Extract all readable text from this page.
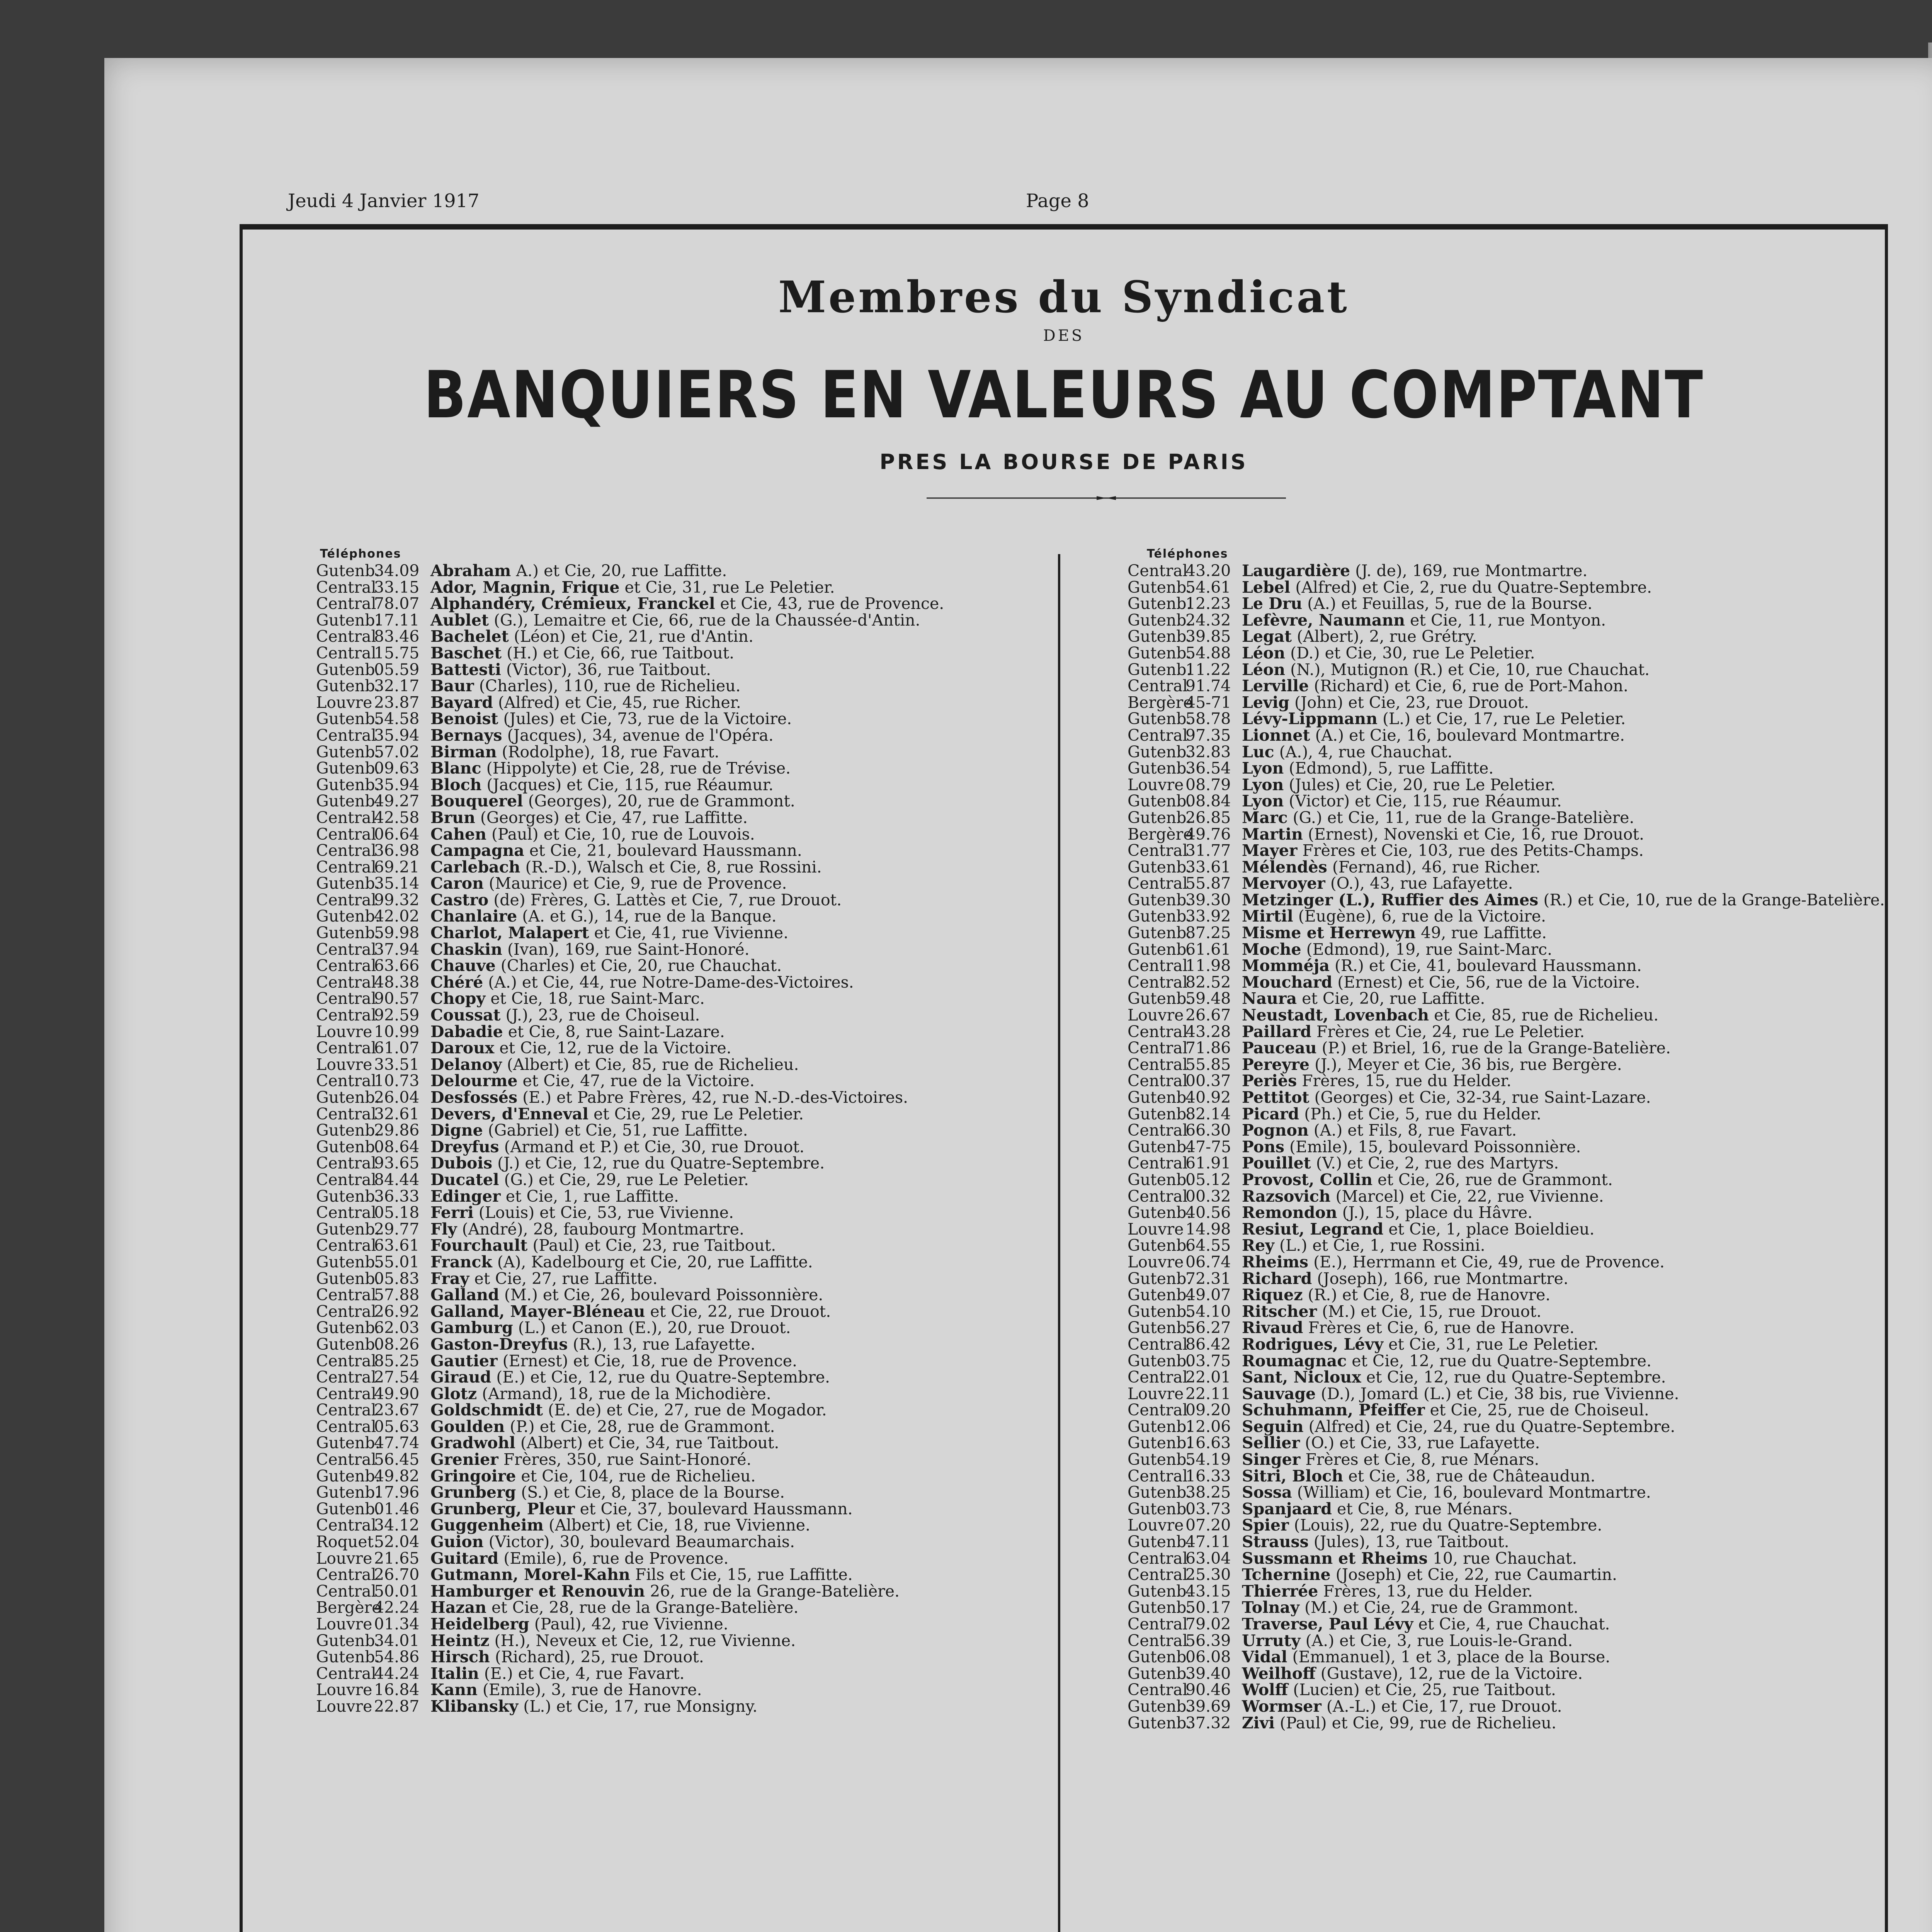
Jeudi 4 Janvier 1917	Page 8
Membres du Syndicat
DES
BANQUIERS EN VALEURS AU COMPTANT
PRES LA BOURSE DE PARIS
Téléphones	Téléphones
Gutenb.34.09 Abraham A.) et Cie, 20, rue Laffitte.
Central33.15 Ador, Magnin, Frique et Cie, 31, rue Le Peletier.
Central78.07 Alphandéry, Crémieux, Franckel et Cie, 43, rue de Provence.
Gutenb.17.11 Aublet (G.), Lemaitre et Cie, 66, rue de la Chaussée-d'Antin.
Central83.46 Bachelet (Léon) et Cie, 21, rue d'Antin.
Central15.75 Baschet (H.) et Cie, 66, rue Taitbout.
Gutenb.05.59 Battesti (Victor), 36, rue Taitbout.
Gutenb.32.17 Baur (Charles), 110, rue de Richelieu.
Louvre 23.87 Bayard (Alfred) et Cie, 45, rue Richer.
Gutenb.54.58 Benoist (Jules) et Cie, 73, rue de la Victoire.
Central35.94 Bernays (Jacques), 34, avenue de l'Opéra.
Gutenb.57.02 Birman (Rodolphe), 18, rue Favart.
Gutenb.09.63 Blanc (Hippolyte) et Cie, 28, rue de Trévise.
Gutenb.35.94 Bloch (Jacques) et Cie, 115, rue Réaumur.
Gutenb.49.27 Bouquerel (Georges), 20, rue de Grammont.
Central42.58 Brun (Georges) et Cie, 47, rue Laffitte.
Central06.64 Cahen (Paul) et Cie, 10, rue de Louvois.
Central36.98 Campagna et Cie, 21, boulevard Haussmann.
Central69.21 Carlebach (R.-D.), Walsch et Cie, 8, rue Rossini.
Gutenb.35.14 Caron (Maurice) et Cie, 9, rue de Provence.
Central99.32 Castro (de) Frères, G. Lattès et Cie, 7, rue Drouot.
Gutenb.42.02 Chanlaire (A. et G.), 14, rue de la Banque.
Gutenb.59.98 Charlot, Malapert et Cie, 41, rue Vivienne.
Central37.94 Chaskin (Ivan), 169, rue Saint-Honoré.
Central63.66 Chauve (Charles) et Cie, 20, rue Chauchat.
Central48.38 Chéré (A.) et Cie, 44, rue Notre-Dame-des-Victoires.
Central90.57 Chopy et Cie, 18, rue Saint-Marc.
Central92.59 Coussat (J.), 23, rue de Choiseul.
Louvre 10.99 Dabadie et Cie, 8, rue Saint-Lazare.
Central61.07 Daroux et Cie, 12, rue de la Victoire.
Louvre 33.51 Delanoy (Albert) et Cie, 85, rue de Richelieu.
Central10.73 Delourme et Cie, 47, rue de la Victoire.
Gutenb.26.04 Desfossés (E.) et Pabre Frères, 42, rue N.-D.-des-Victoires.
Central32.61 Devers, d'Enneval et Cie, 29, rue Le Peletier.
Gutenb.29.86 Digne (Gabriel) et Cie, 51, rue Laffitte.
Gutenb.08.64 Dreyfus (Armand et P.) et Cie, 30, rue Drouot.
Central93.65 Dubois (J.) et Cie, 12, rue du Quatre-Septembre.
Central84.44 Ducatel (G.) et Cie, 29, rue Le Peletier.
Gutenb.36.33 Edinger et Cie, 1, rue Laffitte.
Central05.18 Ferri (Louis) et Cie, 53, rue Vivienne.
Gutenb.29.77 Fly (André), 28, faubourg Montmartre.
Central63.61 Fourchault (Paul) et Cie, 23, rue Taitbout.
Gutenb.55.01 Franck (A), Kadelbourg et Cie, 20, rue Laffitte.
Gutenb.05.83 Fray et Cie, 27, rue Laffitte.
Central57.88 Galland (M.) et Cie, 26, boulevard Poissonnière.
Central26.92 Galland, Mayer-Bléneau et Cie, 22, rue Drouot.
Gutenb.62.03 Gamburg (L.) et Canon (E.), 20, rue Drouot.
Gutenb.08.26 Gaston-Dreyfus (R.), 13, rue Lafayette.
Central85.25 Gautier (Ernest) et Cie, 18, rue de Provence.
Central27.54 Giraud (E.) et Cie, 12, rue du Quatre-Septembre.
Central49.90 Glotz (Armand), 18, rue de la Michodière.
Central23.67 Goldschmidt (E. de) et Cie, 27, rue de Mogador.
Central05.63 Goulden (P.) et Cie, 28, rue de Grammont.
Gutenb.47.74 Gradwohl (Albert) et Cie, 34, rue Taitbout.
Central56.45 Grenier Frères, 350, rue Saint-Honoré.
Gutenb.49.82 Gringoire et Cie, 104, rue de Richelieu.
Gutenb.17.96 Grunberg (S.) et Cie, 8, place de la Bourse.
Gutenb.01.46 Grunberg, Pleur et Cie, 37, boulevard Haussmann.
Central34.12 Guggenheim (Albert) et Cie, 18, rue Vivienne.
Roquet.52.04 Guion (Victor), 30, boulevard Beaumarchais.
Louvre 21.65 Guitard (Emile), 6, rue de Provence.
Central26.70 Gutmann, Morel-Kahn Fils et Cie, 15, rue Laffitte.
Central50.01 Hamburger et Renouvin 26, rue de la Grange-Batelière.
Bergère42.24 Hazan et Cie, 28, rue de la Grange-Batelière.
Louvre 01.34 Heidelberg (Paul), 42, rue Vivienne.
Gutenb.34.01 Heintz (H.), Neveux et Cie, 12, rue Vivienne.
Gutenb.54.86 Hirsch (Richard), 25, rue Drouot.
Central44.24 Italin (E.) et Cie, 4, rue Favart.
Louvre 16.84 Kann (Emile), 3, rue de Hanovre.
Louvre 22.87 Klibansky (L.) et Cie, 17, rue Monsigny.
Central43.20 Laugardière (J. de), 169, rue Montmartre.
Gutenb.54.61 Lebel (Alfred) et Cie, 2, rue du Quatre-Septembre.
Gutenb.12.23 Le Dru (A.) et Feuillas, 5, rue de la Bourse.
Gutenb.24.32 Lefèvre, Naumann et Cie, 11, rue Montyon.
Gutenb.39.85 Legat (Albert), 2, rue Grétry.
Gutenb.54.88 Léon (D.) et Cie, 30, rue Le Peletier.
Gutenb.11.22 Léon (N.), Mutignon (R.) et Cie, 10, rue Chauchat.
Central91.74 Lerville (Richard) et Cie, 6, rue de Port-Mahon.
Bergère45-71 Levig (John) et Cie, 23, rue Drouot.
Gutenb.58.78 Lévy-Lippmann (L.) et Cie, 17, rue Le Peletier.
Central97.35 Lionnet (A.) et Cie, 16, boulevard Montmartre.
Gutenb.32.83 Luc (A.), 4, rue Chauchat.
Gutenb.36.54 Lyon (Edmond), 5, rue Laffitte.
Louvre 08.79 Lyon (Jules) et Cie, 20, rue Le Peletier.
Gutenb.08.84 Lyon (Victor) et Cie, 115, rue Réaumur.
Gutenb.26.85 Marc (G.) et Cie, 11, rue de la Grange-Batelière.
Bergère49.76 Martin (Ernest), Novenski et Cie, 16, rue Drouot.
Central31.77 Mayer Frères et Cie, 103, rue des Petits-Champs.
Gutenb.33.61 Mélendès (Fernand), 46, rue Richer.
Central55.87 Mervoyer (O.), 43, rue Lafayette.
Gutenb.39.30 Metzinger (L.), Ruffier des Aimes (R.) et Cie, 10, rue de la Grange-Batelière.
Gutenb.33.92 Mirtil (Eugène), 6, rue de la Victoire.
Gutenb.87.25 Misme et Herrewyn 49, rue Laffitte.
Gutenb.61.61 Moche (Edmond), 19, rue Saint-Marc.
Central11.98 Momméja (R.) et Cie, 41, boulevard Haussmann.
Central82.52 Mouchard (Ernest) et Cie, 56, rue de la Victoire.
Gutenb.59.48 Naura et Cie, 20, rue Laffitte.
Louvre 26.67 Neustadt, Lovenbach et Cie, 85, rue de Richelieu.
Central43.28 Paillard Frères et Cie, 24, rue Le Peletier.
Central71.86 Pauceau (P.) et Briel, 16, rue de la Grange-Batelière.
Central55.85 Pereyre (J.), Meyer et Cie, 36 bis, rue Bergère.
Central00.37 Periès Frères, 15, rue du Helder.
Gutenb.40.92 Pettitot (Georges) et Cie, 32-34, rue Saint-Lazare.
Gutenb.82.14 Picard (Ph.) et Cie, 5, rue du Helder.
Central66.30 Pognon (A.) et Fils, 8, rue Favart.
Gutenb.47-75 Pons (Emile), 15, boulevard Poissonnière.
Central61.91 Pouillet (V.) et Cie, 2, rue des Martyrs.
Gutenb.05.12 Provost, Collin et Cie, 26, rue de Grammont.
Central00.32 Razsovich (Marcel) et Cie, 22, rue Vivienne.
Gutenb.40.56 Remondon (J.), 15, place du Hâvre.
Louvre 14.98 Resiut, Legrand et Cie, 1, place Boieldieu.
Gutenb.64.55 Rey (L.) et Cie, 1, rue Rossini.
Louvre 06.74 Rheims (E.), Herrmann et Cie, 49, rue de Provence.
Gutenb.72.31 Richard (Joseph), 166, rue Montmartre.
Gutenb.49.07 Riquez (R.) et Cie, 8, rue de Hanovre.
Gutenb.54.10 Ritscher (M.) et Cie, 15, rue Drouot.
Gutenb.56.27 Rivaud Frères et Cie, 6, rue de Hanovre.
Central86.42 Rodrigues, Lévy et Cie, 31, rue Le Peletier.
Gutenb.03.75 Roumagnac et Cie, 12, rue du Quatre-Septembre.
Central22.01 Sant, Nicloux et Cie, 12, rue du Quatre-Septembre.
Louvre 22.11 Sauvage (D.), Jomard (L.) et Cie, 38 bis, rue Vivienne.
Central09.20 Schuhmann, Pfeiffer et Cie, 25, rue de Choiseul.
Gutenb.12.06 Seguin (Alfred) et Cie, 24, rue du Quatre-Septembre.
Gutenb.16.63 Sellier (O.) et Cie, 33, rue Lafayette.
Gutenb.54.19 Singer Frères et Cie, 8, rue Ménars.
Central16.33 Sitri, Bloch et Cie, 38, rue de Châteaudun.
Gutenb.38.25 Sossa (William) et Cie, 16, boulevard Montmartre.
Gutenb.03.73 Spanjaard et Cie, 8, rue Ménars.
Louvre 07.20 Spier (Louis), 22, rue du Quatre-Septembre.
Gutenb.47.11 Strauss (Jules), 13, rue Taitbout.
Central63.04 Sussmann et Rheims 10, rue Chauchat.
Central25.30 Tchernine (Joseph) et Cie, 22, rue Caumartin.
Gutenb.43.15 Thierrée Frères, 13, rue du Helder.
Gutenb.50.17 Tolnay (M.) et Cie, 24, rue de Grammont.
Central79.02 Traverse, Paul Lévy et Cie, 4, rue Chauchat.
Central56.39 Urruty (A.) et Cie, 3, rue Louis-le-Grand.
Gutenb.06.08 Vidal (Emmanuel), 1 et 3, place de la Bourse.
Gutenb.39.40 Weilhoff (Gustave), 12, rue de la Victoire.
Central90.46 Wolff (Lucien) et Cie, 25, rue Taitbout.
Gutenb.39.69 Wormser (A.-L.) et Cie, 17, rue Drouot.
Gutenb.37.32 Zivi (Paul) et Cie, 99, rue de Richelieu.
